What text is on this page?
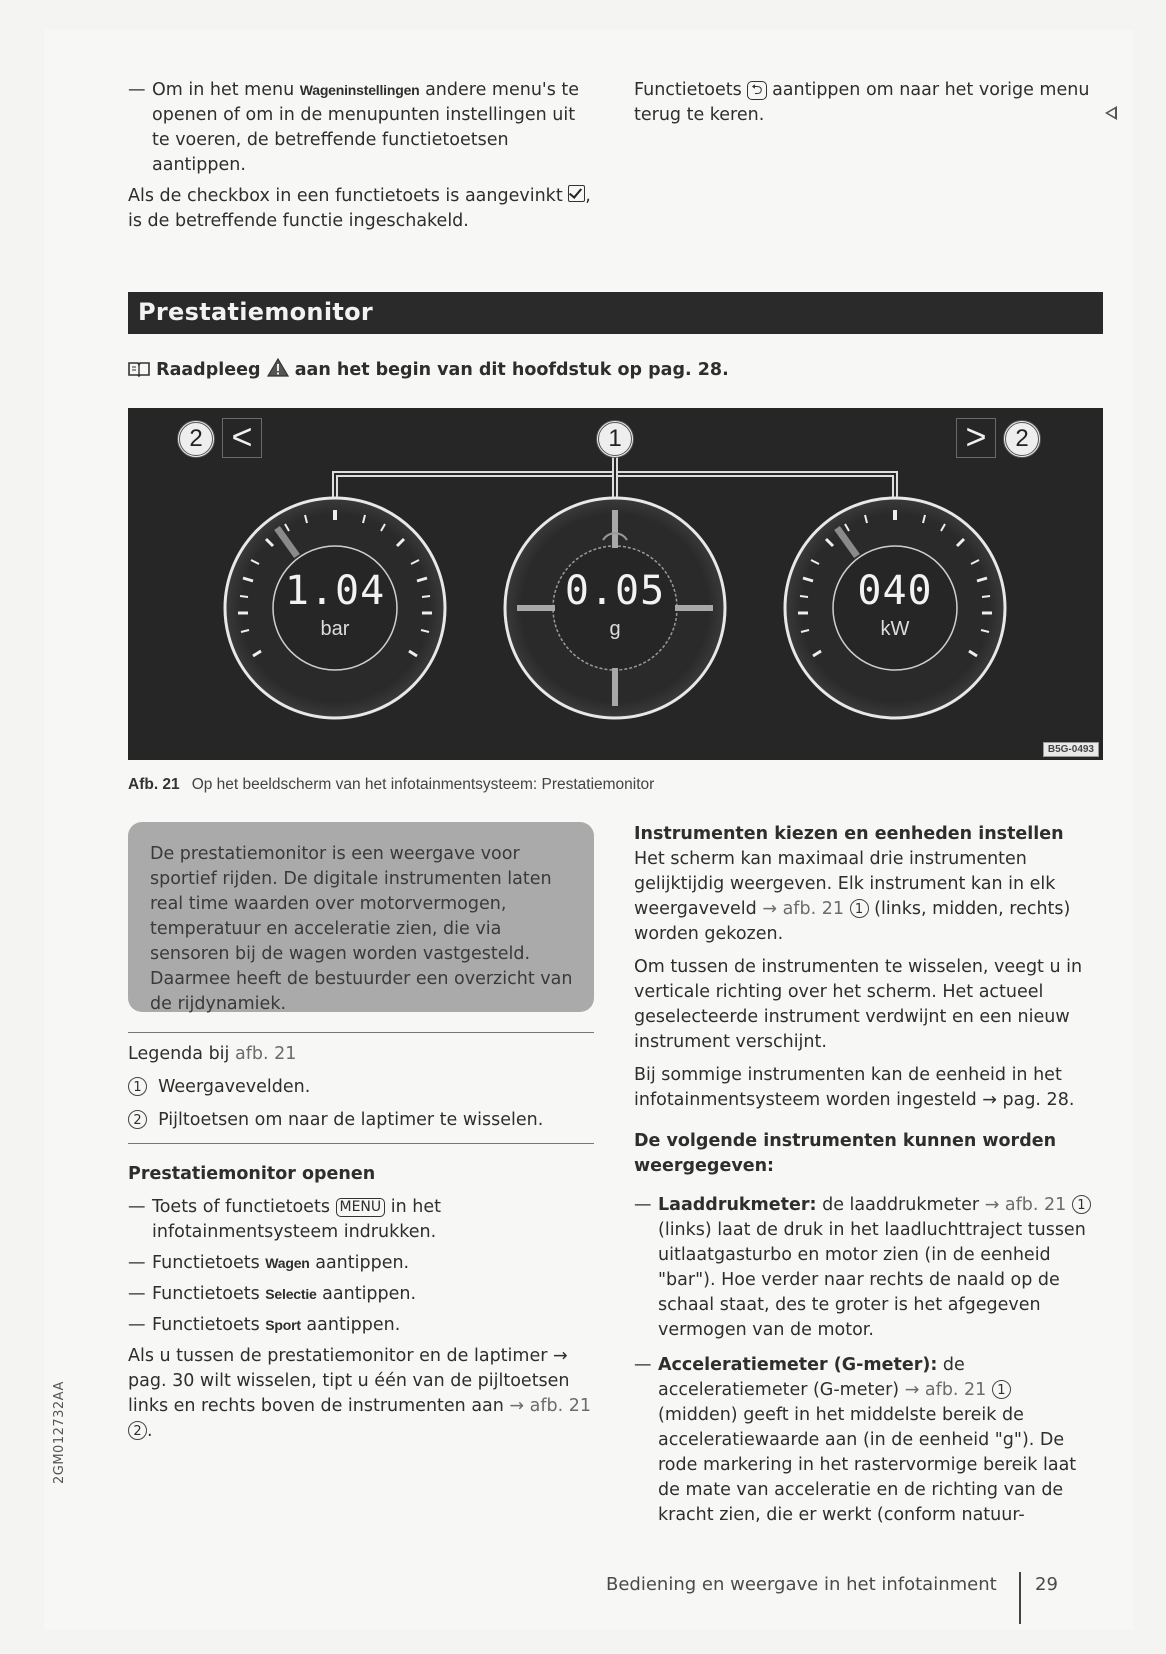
— Om in het menu Wageninstellingen andere menu's te openen of om in de menupunten instellingen uit te voeren, de betreffende functietoetsen aantippen.

Als de checkbox in een functietoets is aangevinkt , is de betreffende functie ingeschakeld.

Functietoets ⮌ aantippen om naar het vorige menu terug te keren.
Prestatiemonitor
Raadpleeg  aan het begin van dit hoofdstuk op pag. 28.
1.04
bar
0.05
g
040
kW
2 <	1	>	2
B5G-0493
Afb. 21 Op het beeldscherm van het infotainmentsysteem: Prestatiemonitor
De prestatiemonitor is een weergave voor sportief rijden. De digitale instrumenten laten real time waarden over motorvermogen, temperatuur en acceleratie zien, die via sensoren bij de wagen worden vastgesteld. Daarmee heeft de bestuurder een overzicht van de rijdynamiek.

Legenda bij afb. 21

1 Weergavevelden.

2 Pijltoetsen om naar de laptimer te wisselen.

Prestatiemonitor openen

— Toets of functietoets MENU in het infotainmentsysteem indrukken.
— Functietoets Wagen aantippen.
— Functietoets Selectie aantippen.
— Functietoets Sport aantippen.

Als u tussen de prestatiemonitor en de laptimer → pag. 30 wilt wisselen, tipt u één van de pijltoetsen links en rechts boven de instrumenten aan → afb. 212 .

Instrumenten kiezen en eenheden instellen

Het scherm kan maximaal drie instrumenten gelijktijdig weergeven. Elk instrument kan in elk weergaveveld → afb. 21 1 (links, midden, rechts) worden gekozen.

Om tussen de instrumenten te wisselen, veegt u in verticale richting over het scherm. Het actueel geselecteerde instrument verdwijnt en een nieuw instrument verschijnt.

Bij sommige instrumenten kan de eenheid in het infotainmentsysteem worden ingesteld → pag. 28.

De volgende instrumenten kunnen worden weergegeven:

— Laaddrukmeter: de laaddrukmeter → afb. 21 1 (links) laat de druk in het laadluchttraject tussen uitlaatgasturbo en motor zien (in de eenheid "bar"). Hoe verder naar rechts de naald op de schaal staat, des te groter is het afgegeven vermogen van de motor.
— Acceleratiemeter (G-meter): de acceleratiemeter (G-meter) → afb. 21 1 (midden) geeft in het middelste bereik de acceleratiewaarde aan (in de eenheid "g"). De rode markering in het rastervormige bereik laat de mate van acceleratie en de richting van de kracht zien, die er werkt (conform natuur-
2GM012732AA
Bediening en weergave in het infotainment 29
